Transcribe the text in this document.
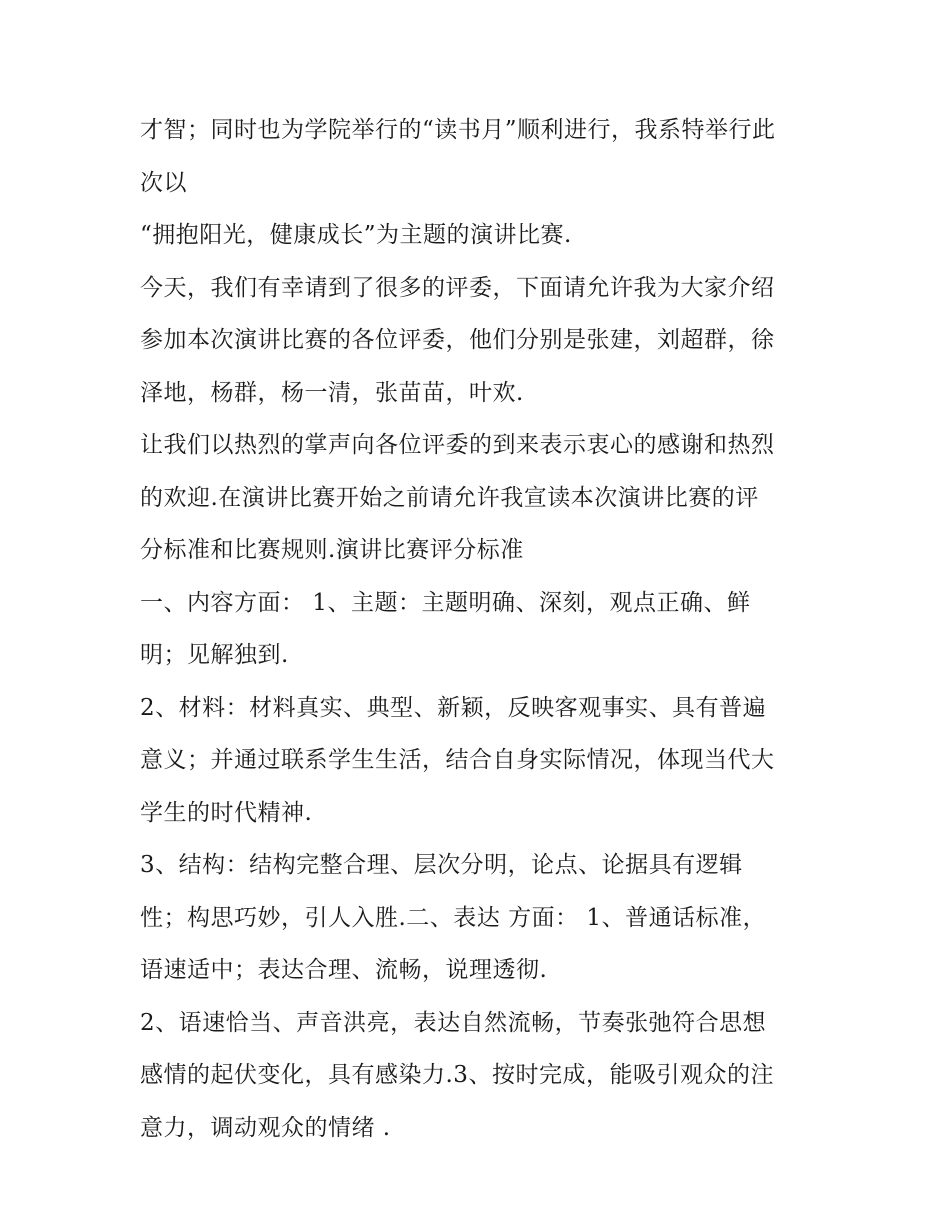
才智；同时也为学院举行的“读书月”顺利进行，我系特举行此
次以
“拥抱阳光，健康成长”为主题的演讲比赛.
今天，我们有幸请到了很多的评委，下面请允许我为大家介绍
参加本次演讲比赛的各位评委，他们分别是张建，刘超群，徐
泽地，杨群，杨一清，张苗苗，叶欢.
让我们以热烈的掌声向各位评委的到来表示衷心的感谢和热烈
的欢迎.在演讲比赛开始之前请允许我宣读本次演讲比赛的评
分标准和比赛规则.演讲比赛评分标准
一、内容方面： 1、主题：主题明确、深刻，观点正确、鲜
明；见解独到.
2、材料：材料真实、典型、新颖，反映客观事实、具有普遍
意义；并通过联系学生生活，结合自身实际情况，体现当代大
学生的时代精神.
3、结构：结构完整合理、层次分明，论点、论据具有逻辑
性；构思巧妙，引人入胜.二、表达 方面： 1、普通话标准，
语速适中；表达合理、流畅，说理透彻.
2、语速恰当、声音洪亮，表达自然流畅，节奏张弛符合思想
感情的起伏变化，具有感染力.3、按时完成，能吸引观众的注
意力，调动观众的情绪 .
